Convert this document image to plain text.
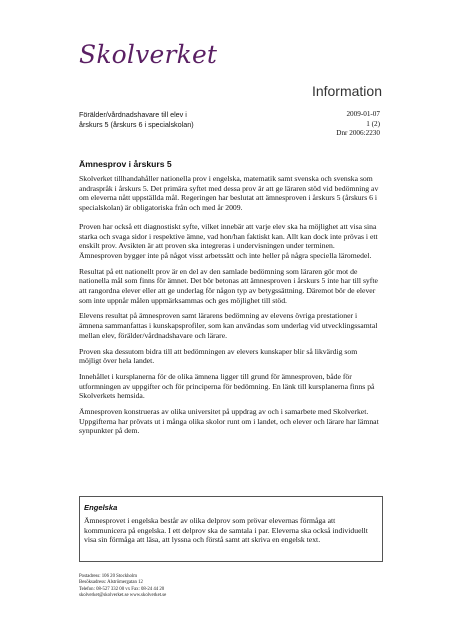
Skolverket
Information
Förälder/vårdnadshavare till elev i
årskurs 5 (årskurs 6 i specialskolan)
2009-01-07
1 (2)
Dnr 2006:2230
Ämnesprov i årskurs 5

Skolverket tillhandahåller nationella prov i engelska, matematik samt svenska och svenska som andraspråk i årskurs 5. Det primära syftet med dessa prov är att ge läraren stöd vid bedömning av om eleverna nått uppställda mål. Regeringen har beslutat att ämnesproven i årskurs 5 (årskurs 6 i specialskolan) är obligatoriska från och med år 2009.

Proven har också ett diagnostiskt syfte, vilket innebär att varje elev ska ha möjlighet att visa sina starka och svaga sidor i respektive ämne, vad hon/han faktiskt kan. Allt kan dock inte prövas i ett enskilt prov. Avsikten är att proven ska integreras i undervisningen under terminen. Ämnesproven bygger inte på något visst arbetssätt och inte heller på några speciella läromedel.

Resultat på ett nationellt prov är en del av den samlade bedömning som läraren gör mot de nationella mål som finns för ämnet. Det bör betonas att ämnesproven i årskurs 5 inte har till syfte att rangordna elever eller att ge underlag för någon typ av betygssättning. Däremot bör de elever som inte uppnår målen uppmärksammas och ges möjlighet till stöd.

Elevens resultat på ämnesproven samt lärarens bedömning av elevens övriga prestationer i ämnena sammanfattas i kunskapsprofiler, som kan användas som underlag vid utvecklingssamtal mellan elev, förälder/vårdnadshavare och lärare.

Proven ska dessutom bidra till att bedömningen av elevers kunskaper blir så likvärdig som möjligt över hela landet.

Innehållet i kursplanerna för de olika ämnena ligger till grund för ämnesproven, både för utformningen av uppgifter och för principerna för bedömning. En länk till kursplanerna finns på Skolverkets hemsida.

Ämnesproven konstrueras av olika universitet på uppdrag av och i samarbete med Skolverket. Uppgifterna har prövats ut i många olika skolor runt om i landet, och elever och lärare har lämnat synpunkter på dem.

Engelska
Ämnesprovet i engelska består av olika delprov som prövar elevernas förmåga att kommunicera på engelska. I ett delprov ska de samtala i par. Eleverna ska också individuellt visa sin förmåga att läsa, att lyssna och förstå samt att skriva en engelsk text.
Postadress: 106 20 Stockholm
Besöksadress: Alströmergatan 12
Telefon: 08-527 332 00 vx Fax: 08-24 44 20
skolverket@skolverket.se www.skolverket.se
